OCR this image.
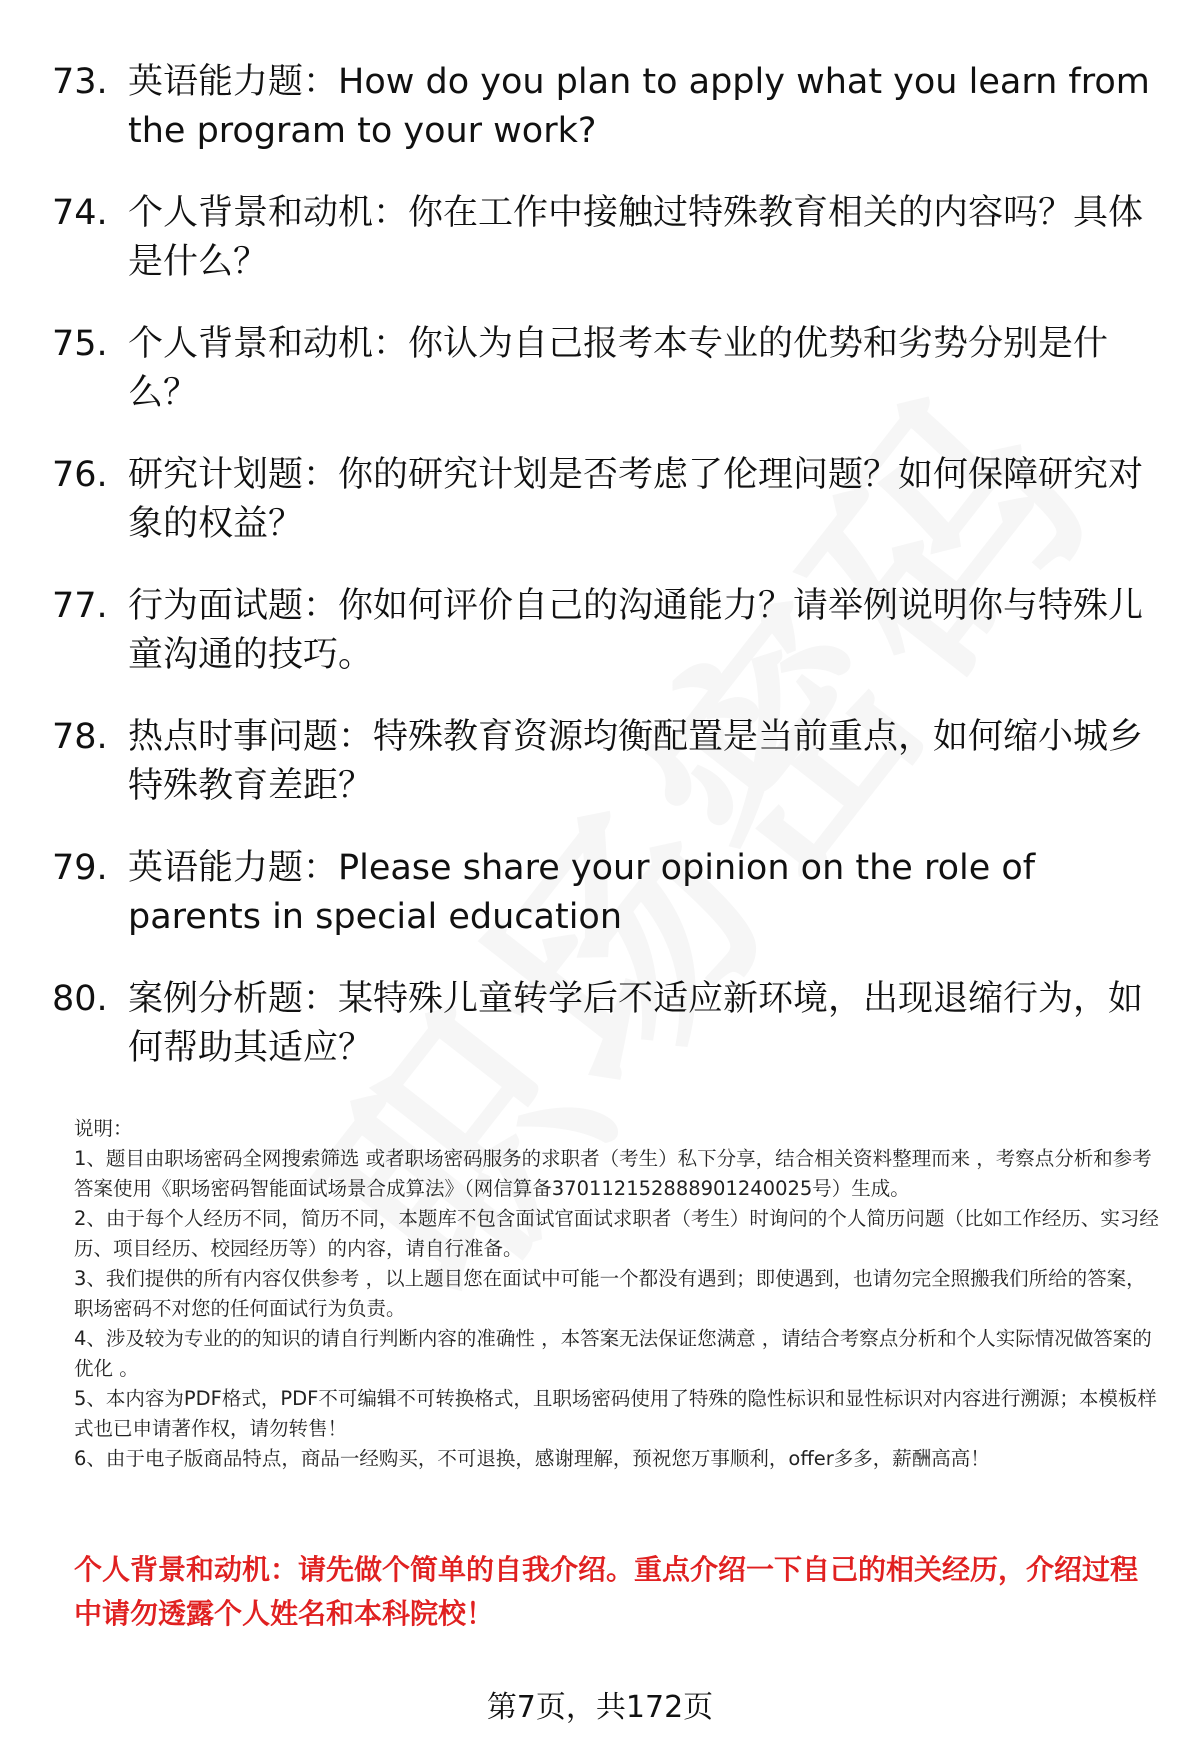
73. 英语能力题：How do you plan to apply what you learn from the program to your work?
74. 个人背景和动机：你在工作中接触过特殊教育相关的内容吗？具体是什么？
75. 个人背景和动机：你认为自己报考本专业的优势和劣势分别是什么？
76. 研究计划题：你的研究计划是否考虑了伦理问题？如何保障研究对象的权益？
77. 行为面试题：你如何评价自己的沟通能力？请举例说明你与特殊儿童沟通的技巧。
78. 热点时事问题：特殊教育资源均衡配置是当前重点，如何缩小城乡特殊教育差距？
79. 英语能力题：Please share your opinion on the role of parents in special education
80. 案例分析题：某特殊儿童转学后不适应新环境，出现退缩行为，如何帮助其适应？

说明：

1、题目由职场密码全网搜索筛选 或者职场密码服务的求职者（考生）私下分享，结合相关资料整理而来 ，考察点分析和参考答案使用《职场密码智能面试场景合成算法》（网信算备370112152888901240025号）生成。

2、由于每个人经历不同，简历不同，本题库不包含面试官面试求职者（考生）时询问的个人简历问题（比如工作经历、实习经历、项目经历、校园经历等）的内容，请自行准备。

3、我们提供的所有内容仅供参考 ，以上题目您在面试中可能一个都没有遇到；即使遇到，也请勿完全照搬我们所给的答案，职场密码不对您的任何面试行为负责。

4、涉及较为专业的的知识的请自行判断内容的准确性 ，本答案无法保证您满意 ，请结合考察点分析和个人实际情况做答案的优化 。

5、本内容为PDF格式，PDF不可编辑不可转换格式，且职场密码使用了特殊的隐性标识和显性标识对内容进行溯源；本模板样式也已申请著作权，请勿转售！

6、由于电子版商品特点，商品一经购买，不可退换，感谢理解，预祝您万事顺利，offer多多，薪酬高高！

个人背景和动机：请先做个简单的自我介绍。重点介绍一下自己的相关经历，介绍过程中请勿透露个人姓名和本科院校！
第7页，共172页
